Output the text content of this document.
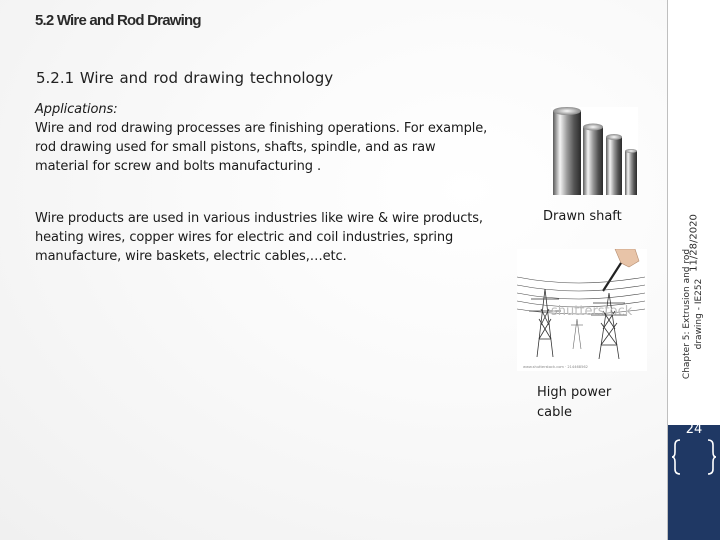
5.2 Wire and Rod Drawing
5.2.1 Wire and rod drawing technology
Applications:
Wire and rod drawing processes are finishing operations. For example, rod drawing used for small pistons, shafts, spindle, and as raw material for screw and bolts manufacturing .
Wire products are used in various industries like wire & wire products, heating wires, copper wires for electric and coil industries, spring manufacture, wire baskets, electric cables,…etc.
Drawn shaft
shutterstock
www.shutterstock.com · 214468562
High power cable
11/28/2020
Chapter 5: Extrusion and rod drawing - IE252
24
